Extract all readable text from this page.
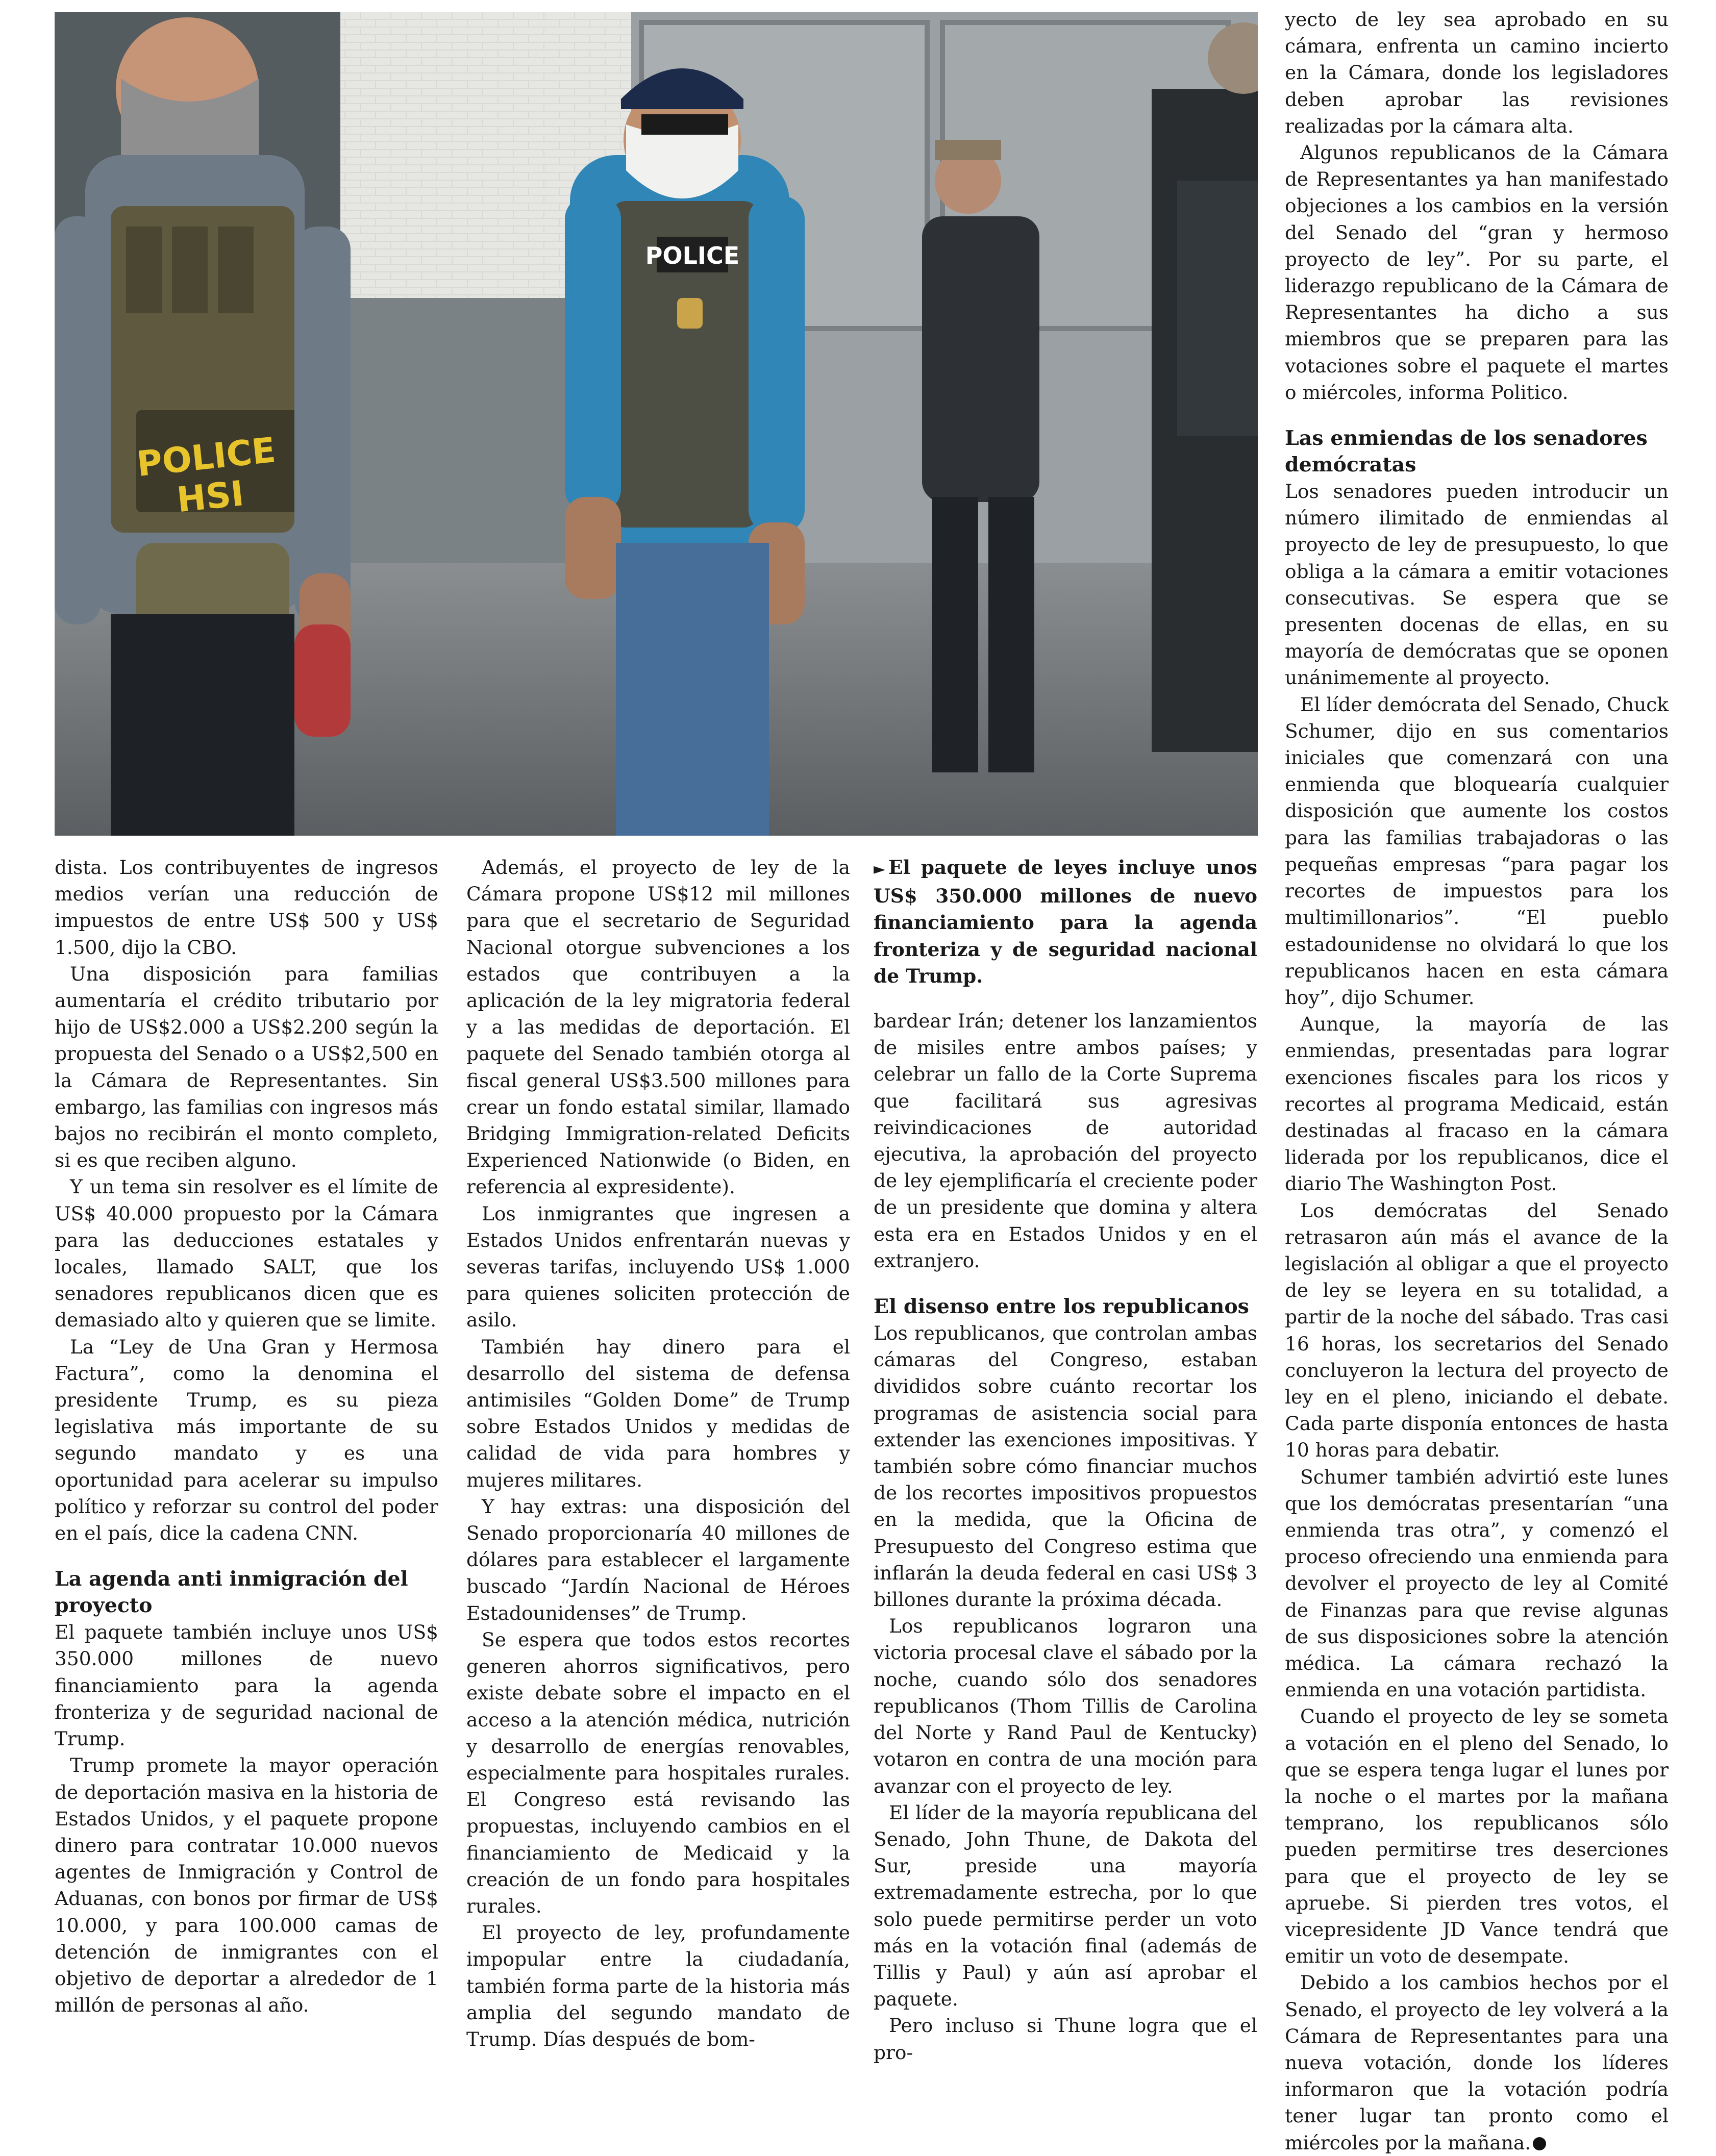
POLICEHSI
POLICE

dista. Los contribuyentes de ingresos medios verían una reducción de impuestos de entre US$ 500 y US$ 1.500, dijo la CBO.

Una disposición para familias aumentaría el crédito tributario por hijo de US$2.000 a US$2.200 según la propuesta del Senado o a US$2,500 en la Cámara de Representantes. Sin embargo, las familias con ingresos más bajos no recibirán el monto completo, si es que reciben alguno.

Y un tema sin resolver es el límite de US$ 40.000 propuesto por la Cámara para las deducciones estatales y locales, llamado SALT, que los senadores republicanos dicen que es demasiado alto y quieren que se limite.

La “Ley de Una Gran y Hermosa Factura”, como la denomina el presidente Trump, es su pieza legislativa más importante de su segundo mandato y es una oportunidad para acelerar su impulso político y reforzar su control del poder en el país, dice la cadena CNN.

La agenda anti inmigración del proyecto

El paquete también incluye unos US$ 350.000 millones de nuevo financiamiento para la agenda fronteriza y de seguridad nacional de Trump.

Trump promete la mayor operación de deportación masiva en la historia de Estados Unidos, y el paquete propone dinero para contratar 10.000 nuevos agentes de Inmigración y Control de Aduanas, con bonos por firmar de US$ 10.000, y para 100.000 camas de detención de inmigrantes con el objetivo de deportar a alrededor de 1 millón de personas al año.

Además, el proyecto de ley de la Cámara propone US$12 mil millones para que el secretario de Seguridad Nacional otorgue subvenciones a los estados que contribuyen a la aplicación de la ley migratoria federal y a las medidas de deportación. El paquete del Senado también otorga al fiscal general US$3.500 millones para crear un fondo estatal similar, llamado Bridging Immigration-related Deficits Experienced Nationwide (o Biden, en referencia al expresidente).

Los inmigrantes que ingresen a Estados Unidos enfrentarán nuevas y severas tarifas, incluyendo US$ 1.000 para quienes soliciten protección de asilo.

También hay dinero para el desarrollo del sistema de defensa antimisiles “Golden Dome” de Trump sobre Estados Unidos y medidas de calidad de vida para hombres y mujeres militares.

Y hay extras: una disposición del Senado proporcionaría 40 millones de dólares para establecer el largamente buscado “Jardín Nacional de Héroes Estadounidenses” de Trump.

Se espera que todos estos recortes generen ahorros significativos, pero existe debate sobre el impacto en el acceso a la atención médica, nutrición y desarrollo de energías renovables, especialmente para hospitales rurales. El Congreso está revisando las propuestas, incluyendo cambios en el financiamiento de Medicaid y la creación de un fondo para hospitales rurales.

El proyecto de ley, profundamente impopular entre la ciudadanía, también forma parte de la historia más amplia del segundo mandato de Trump. Días después de bom-

► El paquete de leyes incluye unos US$ 350.000 millones de nuevo financiamiento para la agenda fronteriza y de seguridad nacional de Trump.

bardear Irán; detener los lanzamientos de misiles entre ambos países; y celebrar un fallo de la Corte Suprema que facilitará sus agresivas reivindicaciones de autoridad ejecutiva, la aprobación del proyecto de ley ejemplificaría el creciente poder de un presidente que domina y altera esta era en Estados Unidos y en el extranjero.

El disenso entre los republicanos

Los republicanos, que controlan ambas cámaras del Congreso, estaban divididos sobre cuánto recortar los programas de asistencia social para extender las exenciones impositivas. Y también sobre cómo financiar muchos de los recortes impositivos propuestos en la medida, que la Oficina de Presupuesto del Congreso estima que inflarán la deuda federal en casi US$ 3 billones durante la próxima década.

Los republicanos lograron una victoria procesal clave el sábado por la noche, cuando sólo dos senadores republicanos (Thom Tillis de Carolina del Norte y Rand Paul de Kentucky) votaron en contra de una moción para avanzar con el proyecto de ley.

El líder de la mayoría republicana del Senado, John Thune, de Dakota del Sur, preside una mayoría extremadamente estrecha, por lo que solo puede permitirse perder un voto más en la votación final (además de Tillis y Paul) y aún así aprobar el paquete.

Pero incluso si Thune logra que el pro-

yecto de ley sea aprobado en su cámara, enfrenta un camino incierto en la Cámara, donde los legisladores deben aprobar las revisiones realizadas por la cámara alta.

Algunos republicanos de la Cámara de Representantes ya han manifestado objeciones a los cambios en la versión del Senado del “gran y hermoso proyecto de ley”. Por su parte, el liderazgo republicano de la Cámara de Representantes ha dicho a sus miembros que se preparen para las votaciones sobre el paquete el martes o miércoles, informa Politico.

Las enmiendas de los senadores demócratas

Los senadores pueden introducir un número ilimitado de enmiendas al proyecto de ley de presupuesto, lo que obliga a la cámara a emitir votaciones consecutivas. Se espera que se presenten docenas de ellas, en su mayoría de demócratas que se oponen unánimemente al proyecto.

El líder demócrata del Senado, Chuck Schumer, dijo en sus comentarios iniciales que comenzará con una enmienda que bloquearía cualquier disposición que aumente los costos para las familias trabajadoras o las pequeñas empresas “para pagar los recortes de impuestos para los multimillonarios”. “El pueblo estadounidense no olvidará lo que los republicanos hacen en esta cámara hoy”, dijo Schumer.

Aunque, la mayoría de las enmiendas, presentadas para lograr exenciones fiscales para los ricos y recortes al programa Medicaid, están destinadas al fracaso en la cámara liderada por los republicanos, dice el diario The Washington Post.

Los demócratas del Senado retrasaron aún más el avance de la legislación al obligar a que el proyecto de ley se leyera en su totalidad, a partir de la noche del sábado. Tras casi 16 horas, los secretarios del Senado concluyeron la lectura del proyecto de ley en el pleno, iniciando el debate. Cada parte disponía entonces de hasta 10 horas para debatir.

Schumer también advirtió este lunes que los demócratas presentarían “una enmienda tras otra”, y comenzó el proceso ofreciendo una enmienda para devolver el proyecto de ley al Comité de Finanzas para que revise algunas de sus disposiciones sobre la atención médica. La cámara rechazó la enmienda en una votación partidista.

Cuando el proyecto de ley se someta a votación en el pleno del Senado, lo que se espera tenga lugar el lunes por la noche o el martes por la mañana temprano, los republicanos sólo pueden permitirse tres deserciones para que el proyecto de ley se apruebe. Si pierden tres votos, el vicepresidente JD Vance tendrá que emitir un voto de desempate.

Debido a los cambios hechos por el Senado, el proyecto de ley volverá a la Cámara de Representantes para una nueva votación, donde los líderes informaron que la votación podría tener lugar tan pronto como el miércoles por la mañana.
